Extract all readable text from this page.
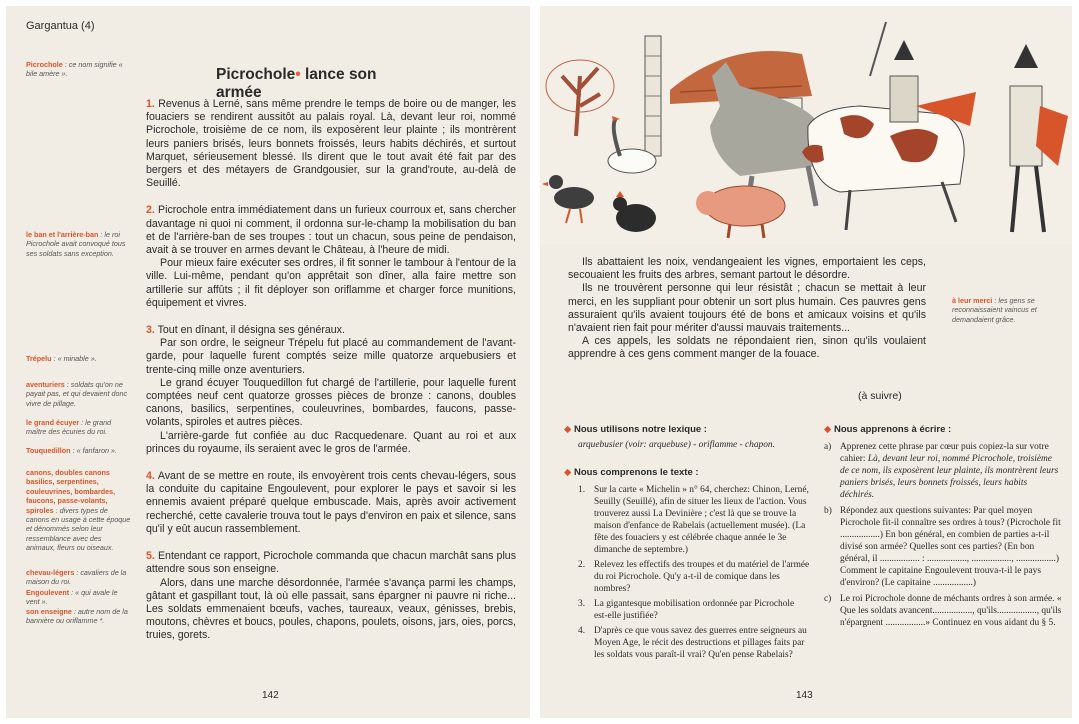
Gargantua (4)
Picrochole• lance son armée
Picrochole : ce nom signifie « bile amère ».
le ban et l'arrière-ban : le roi Picrochole avait convoqué tous ses soldats sans exception.
Trépelu : « minable ».
aventuriers : soldats qu'on ne payait pas, et qui devaient donc vivre de pillage.
le grand écuyer : le grand maître des écuries du roi.
Touquedillon : « fanfaron ».
canons, doubles canons basilics, serpentines, couleuvrines, bombardes, faucons, passe-volants, spiroles : divers types de canons en usage à cette époque et dénommés selon leur ressemblance avec des animaux, fleurs ou oiseaux.
chevau-légers : cavaliers de la maison du roi.
Engoulevent : « qui avale le vent ».
son enseigne : autre nom de la bannière ou oriflamme *.

1. Revenus à Lerné, sans même prendre le temps de boire ou de manger, les fouaciers se rendirent aussitôt au palais royal. Là, devant leur roi, nommé Picrochole, troisième de ce nom, ils exposèrent leur plainte ; ils montrèrent leurs paniers brisés, leurs bonnets froissés, leurs habits déchirés, et surtout Marquet, sérieusement blessé. Ils dirent que le tout avait été fait par des bergers et des métayers de Grandgousier, sur la grand'route, au-delà de Seuillé.

2. Picrochole entra immédiatement dans un furieux courroux et, sans chercher davantage ni quoi ni comment, il ordonna sur-le-champ la mobilisation du ban et de l'arrière-ban de ses troupes : tout un chacun, sous peine de pendaison, avait à se trouver en armes devant le Château, à l'heure de midi.

Pour mieux faire exécuter ses ordres, il fit sonner le tambour à l'entour de la ville. Lui-même, pendant qu'on apprêtait son dîner, alla faire mettre son artillerie sur affûts ; il fit déployer son oriflamme et charger force munitions, équipement et vivres.

3. Tout en dînant, il désigna ses généraux.

Par son ordre, le seigneur Trépelu fut placé au commandement de l'avant-garde, pour laquelle furent comptés seize mille quatorze arquebusiers et trente-cinq mille onze aventuriers.

Le grand écuyer Touquedillon fut chargé de l'artillerie, pour laquelle furent comptées neuf cent quatorze grosses pièces de bronze : canons, doubles canons, basilics, serpentines, couleuvrines, bombardes, faucons, passe-volants, spiroles et autres pièces.

L'arrière-garde fut confiée au duc Racquedenare. Quant au roi et aux princes du royaume, ils seraient avec le gros de l'armée.

4. Avant de se mettre en route, ils envoyèrent trois cents chevau-légers, sous la conduite du capitaine Engoulevent, pour explorer le pays et savoir si les ennemis avaient préparé quelque embuscade. Mais, après avoir activement recherché, cette cavalerie trouva tout le pays d'environ en paix et silence, sans qu'il y eût aucun rassemblement.

5. Entendant ce rapport, Picrochole commanda que chacun marchât sans plus attendre sous son enseigne.

Alors, dans une marche désordonnée, l'armée s'avança parmi les champs, gâtant et gaspillant tout, là où elle passait, sans épargner ni pauvre ni riche... Les soldats emmenaient bœufs, vaches, taureaux, veaux, génisses, brebis, moutons, chèvres et boucs, poules, chapons, poulets, oisons, jars, oies, porcs, truies, gorets.

142

Ils abattaient les noix, vendangeaient les vignes, emportaient les ceps, secouaient les fruits des arbres, semant partout le désordre.

Ils ne trouvèrent personne qui leur résistât ; chacun se mettait à leur merci, en les suppliant pour obtenir un sort plus humain. Ces pauvres gens assuraient qu'ils avaient toujours été de bons et amicaux voisins et qu'ils n'avaient rien fait pour mériter d'aussi mauvais traitements...

A ces appels, les soldats ne répondaient rien, sinon qu'ils voulaient apprendre à ces gens comment manger de la fouace.

à leur merci : les gens se reconnaissaient vaincus et demandaient grâce.
(à suivre)
◆ Nous utilisons notre lexique :
arquebusier (voir: arquebuse) - oriflamme - chapon.
◆ Nous comprenons le texte :
1. Sur la carte « Michelin » n° 64, cherchez: Chinon, Lerné, Seuilly (Seuillé), afin de situer les lieux de l'action. Vous trouverez aussi La Devinière ; c'est là que se trouve la maison d'enfance de Rabelais (actuellement musée). (La fête des fouaciers y est célébrée chaque année le 3e dimanche de septembre.)
2. Relevez les effectifs des troupes et du matériel de l'armée du roi Picrochole. Qu'y a-t-il de comique dans les nombres?
3. La gigantesque mobilisation ordonnée par Picrochole est-elle justifiée?
4. D'après ce que vous savez des guerres entre seigneurs au Moyen Age, le récit des destructions et pillages faits par les soldats vous paraît-il vrai? Qu'en pense Rabelais?
◆ Nous apprenons à écrire :
a) Apprenez cette phrase par cœur puis copiez-la sur votre cahier: Là, devant leur roi, nommé Picrochole, troisième de ce nom, ils exposèrent leur plainte, ils montrèrent leurs paniers brisés, leurs bonnets froissés, leurs habits déchirés.
b) Répondez aux questions suivantes: Par quel moyen Picrochole fit-il connaître ses ordres à tous? (Picrochole fit .................) En bon général, en combien de parties a-t-il divisé son armée? Quelles sont ces parties? (En bon général, il ................. : ................., ................., .................) Comment le capitaine Engoulevent trouva-t-il le pays d'environ? (Le capitaine .................)
c) Le roi Picrochole donne de méchants ordres à son armée. « Que les soldats avancent................., qu'ils................., qu'ils n'épargnent .................» Continuez en vous aidant du § 5.
143
